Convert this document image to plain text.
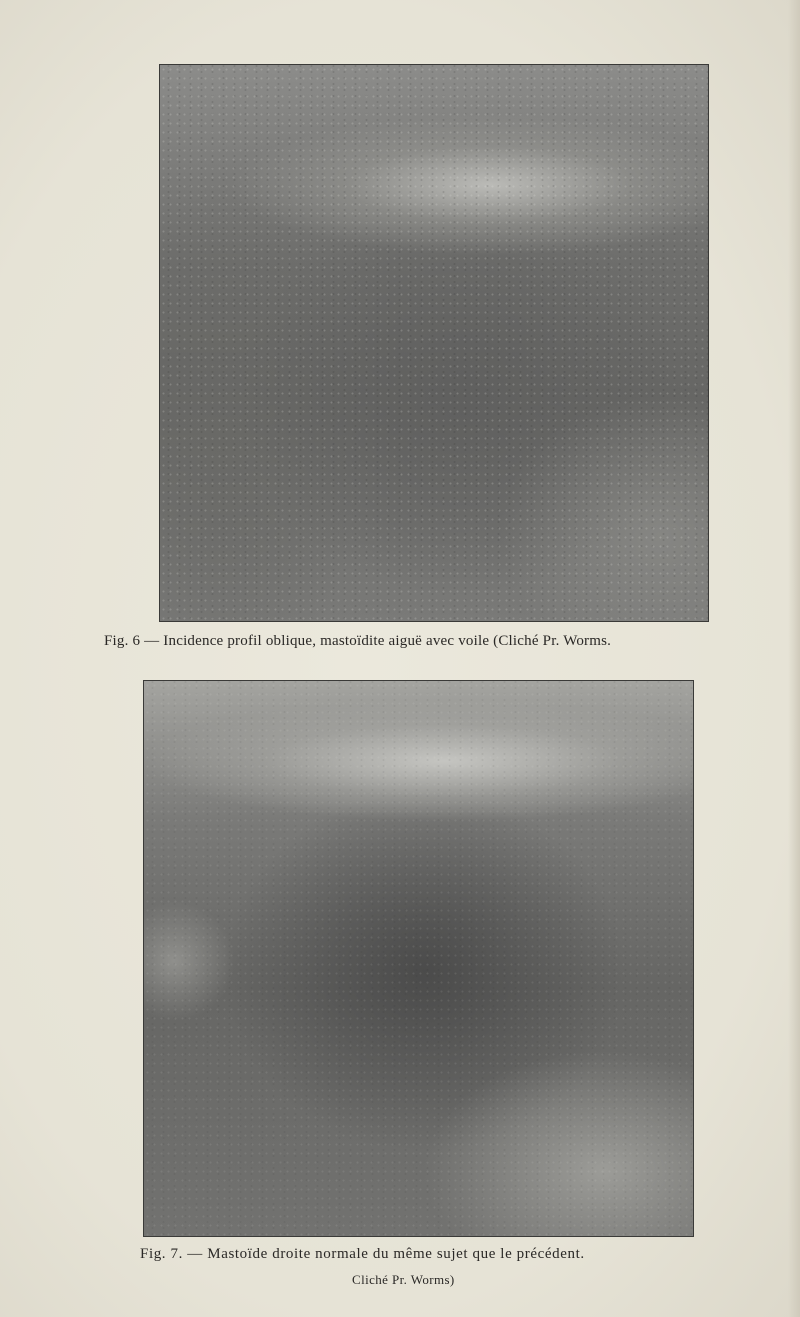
Fig. 6 — Incidence profil oblique, mastoïdite aiguë avec voile (Cliché Pr. Worms.
Fig. 7. — Mastoïde droite normale du même sujet que le précédent.
Cliché Pr. Worms)
